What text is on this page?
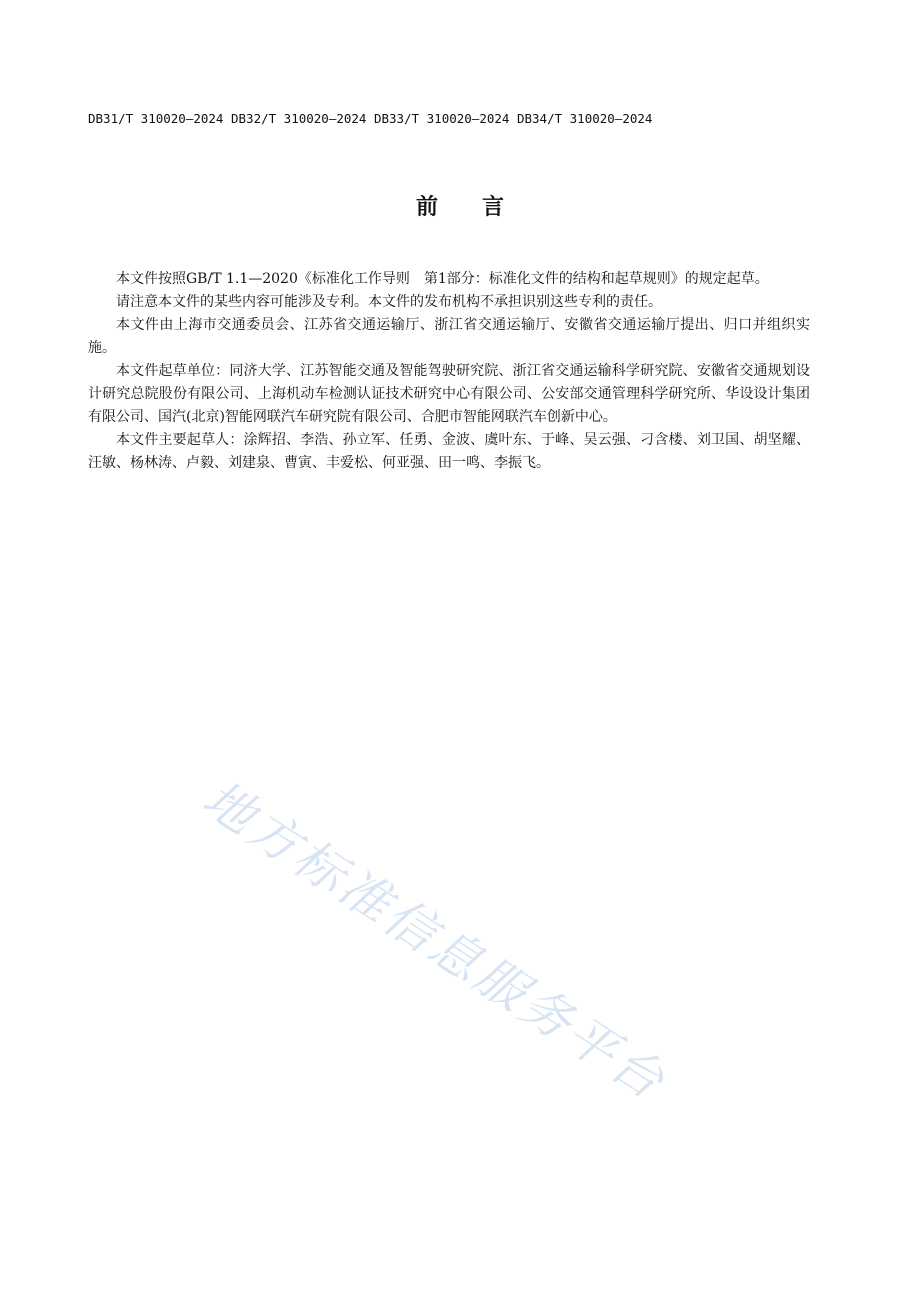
DB31/T 310020—2024 DB32/T 310020—2024 DB33/T 310020—2024 DB34/T 310020—2024
前 言

本文件按照GB/T 1.1—2020《标准化工作导则　第1部分：标准化文件的结构和起草规则》的规定起草。

请注意本文件的某些内容可能涉及专利。本文件的发布机构不承担识别这些专利的责任。

本文件由上海市交通委员会、江苏省交通运输厅、浙江省交通运输厅、安徽省交通运输厅提出、归口并组织实施。

本文件起草单位：同济大学、江苏智能交通及智能驾驶研究院、浙江省交通运输科学研究院、安徽省交通规划设计研究总院股份有限公司、上海机动车检测认证技术研究中心有限公司、公安部交通管理科学研究所、华设设计集团有限公司、国汽(北京)智能网联汽车研究院有限公司、合肥市智能网联汽车创新中心。

本文件主要起草人：涂辉招、李浩、孙立军、任勇、金波、虞叶东、于峰、吴云强、刁含楼、刘卫国、胡坚耀、汪敏、杨林涛、卢毅、刘建泉、曹寅、丰爱松、何亚强、田一鸣、李振飞。

地方标准信息服务平台
